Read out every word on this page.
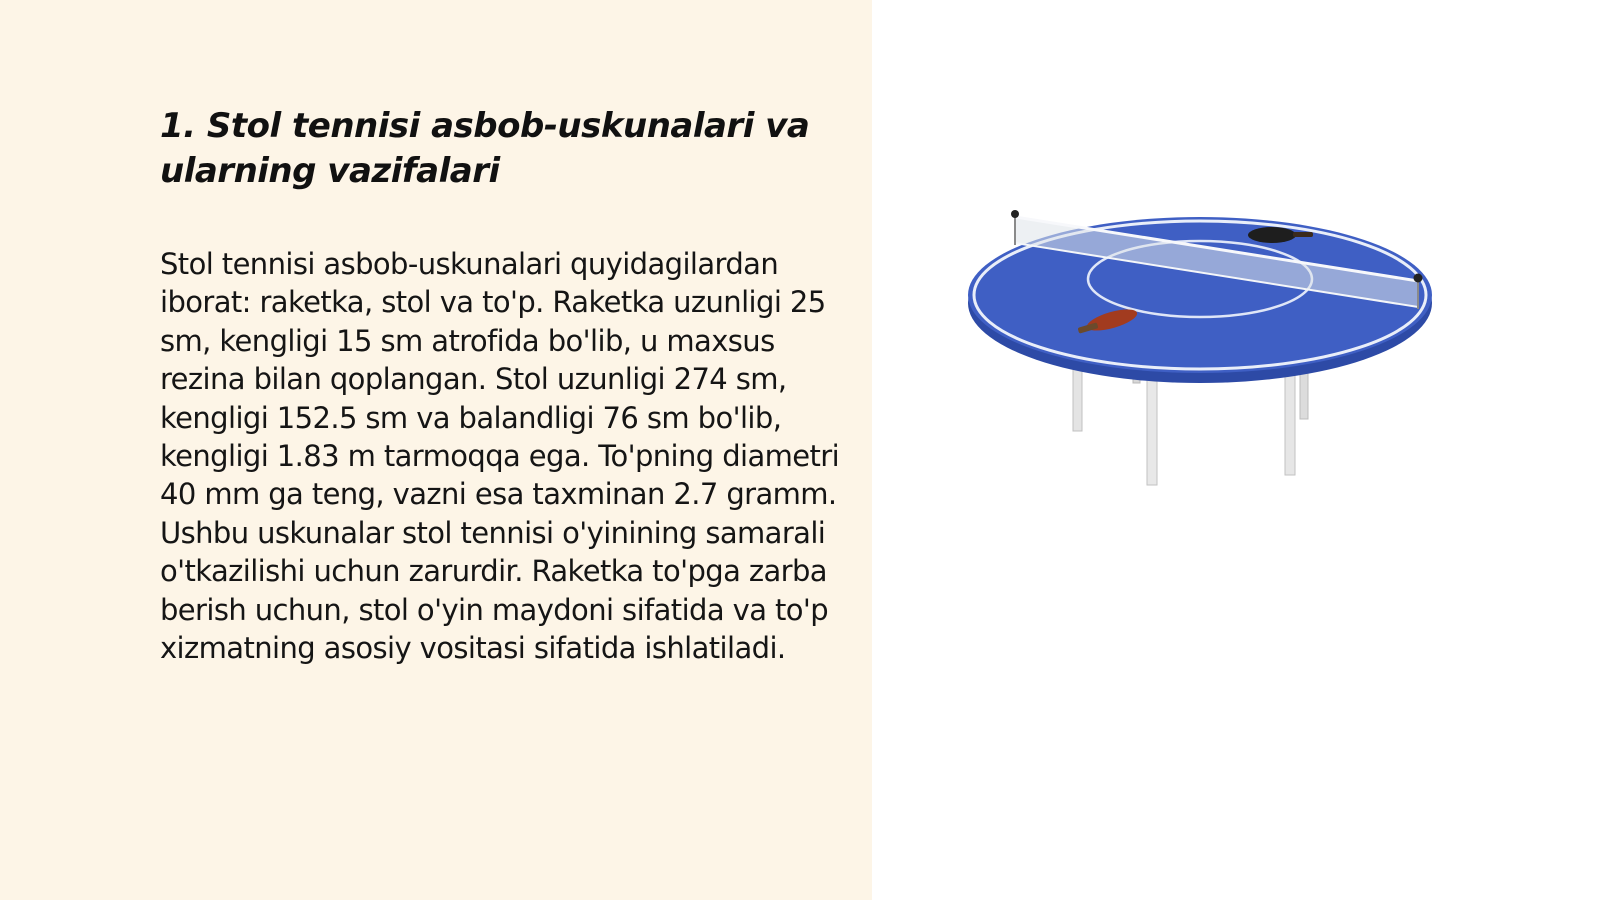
1. Stol tennisi asbob-uskunalari va ularning vazifalari

Stol tennisi asbob-uskunalari quyidagilardan iborat: raketka, stol va to'p. Raketka uzunligi 25 sm, kengligi 15 sm atrofida bo'lib, u maxsus rezina bilan qoplangan. Stol uzunligi 274 sm, kengligi 152.5 sm va balandligi 76 sm bo'lib, kengligi 1.83 m tarmoqqa ega. To'pning diametri 40 mm ga teng, vazni esa taxminan 2.7 gramm. Ushbu uskunalar stol tennisi o'yinining samarali o'tkazilishi uchun zarurdir. Raketka to'pga zarba berish uchun, stol o'yin maydoni sifatida va to'p xizmatning asosiy vositasi sifatida ishlatiladi.
